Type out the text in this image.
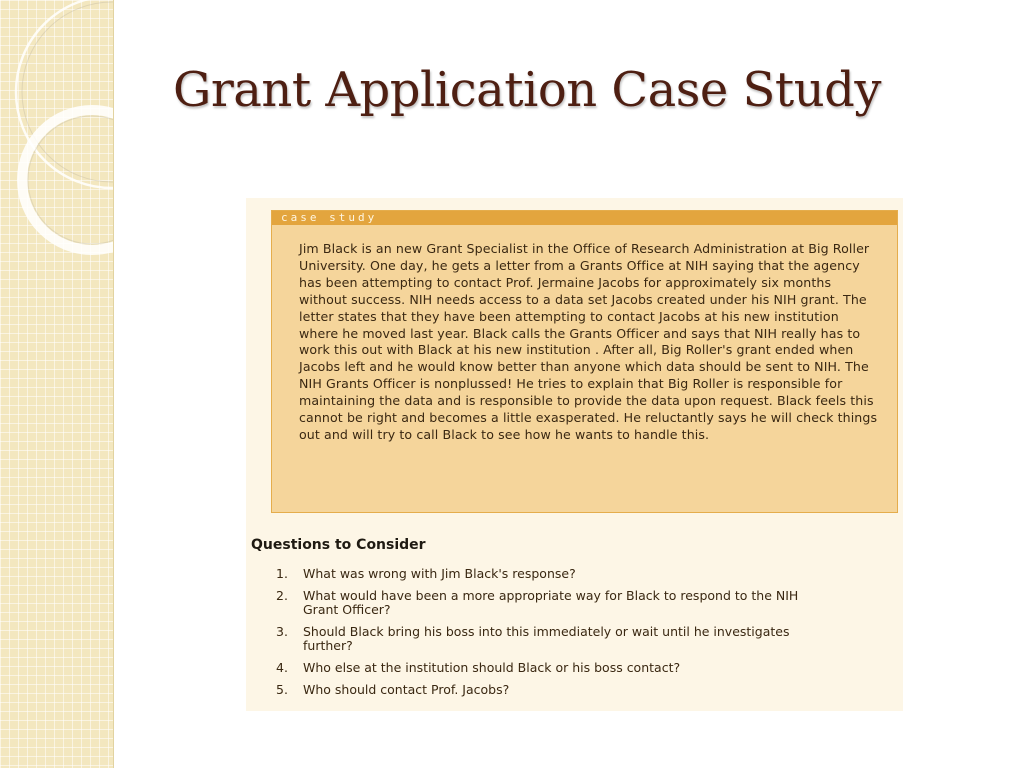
Grant Application Case Study
case study

Jim Black is an new Grant Specialist in the Office of Research Administration at Big Roller University. One day, he gets a letter from a Grants Office at NIH saying that the agency has been attempting to contact Prof. Jermaine Jacobs for approximately six months without success. NIH needs access to a data set Jacobs created under his NIH grant. The letter states that they have been attempting to contact Jacobs at his new institution where he moved last year. Black calls the Grants Officer and says that NIH really has to work this out with Black at his new institution . After all, Big Roller's grant ended when Jacobs left and he would know better than anyone which data should be sent to NIH. The NIH Grants Officer is nonplussed! He tries to explain that Big Roller is responsible for maintaining the data and is responsible to provide the data upon request. Black feels this cannot be right and becomes a little exasperated. He reluctantly says he will check things out and will try to call Black to see how he wants to handle this.

Questions to Consider
1.	What was wrong with Jim Black's response?
2.	What would have been a more appropriate way for Black to respond to the NIH Grant Officer?
3.	Should Black bring his boss into this immediately or wait until he investigates further?
4.	Who else at the institution should Black or his boss contact?
5.	Who should contact Prof. Jacobs?
